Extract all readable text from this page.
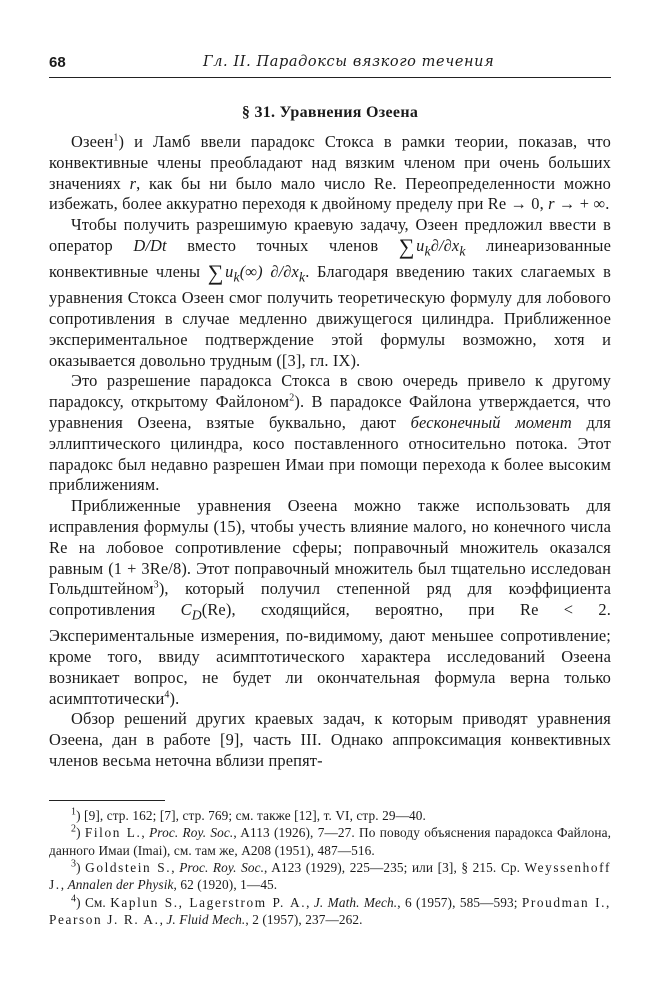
68	Гл. II. Парадоксы вязкого течения
§ 31. Уравнения Озеена

Озеен$^1$) и Ламб ввели парадокс Стокса в рамки теории, показав, что конвективные члены преобладают над вязким членом при очень больших значениях r, как бы ни было мало число Re. Переопределенности можно избежать, более аккуратно переходя к двойному пределу при Re → 0, r → + ∞.

Чтобы получить разрешимую краевую задачу, Озеен предложил ввести в оператор D/Dt вместо точных членов ∑ $u_k\partial/\partial x_k$ линеаризованные конвективные члены ∑ $u_k(\infty)$ $\partial/\partial x_k$. Благодаря введению таких слагаемых в уравнения Стокса Озеен смог получить теоретическую формулу для лобового сопротивления в случае медленно движущегося цилиндра. Приближенное экспериментальное подтверждение этой формулы возможно, хотя и оказывается довольно трудным ([3], гл. IX).

Это разрешение парадокса Стокса в свою очередь привело к другому парадоксу, открытому Файлоном$^2$). В парадоксе Файлона утверждается, что уравнения Озеена, взятые буквально, дают бесконечный момент для эллиптического цилиндра, косо поставленного относительно потока. Этот парадокс был недавно разрешен Имаи при помощи перехода к более высоким приближениям.

Приближенные уравнения Озеена можно также использовать для исправления формулы (15), чтобы учесть влияние малого, но конечного числа Re на лобовое сопротивление сферы; поправочный множитель оказался равным (1 + 3Re/8). Этот поправочный множитель был тщательно исследован Гольдштейном$^3$), который получил степенной ряд для коэффициента сопротивления $C_D(Re)$, сходящийся, вероятно, при Re < 2. Экспериментальные измерения, по-видимому, дают меньшее сопротивление; кроме того, ввиду асимптотического характера исследований Озеена возникает вопрос, не будет ли окончательная формула верна только асимптотически$^4$).

Обзор решений других краевых задач, к которым приводят уравнения Озеена, дан в работе [9], часть III. Однако аппроксимация конвективных членов весьма неточна вблизи препят-

$^1$) [9], стр. 162; [7], стр. 769; см. также [12], т. VI, стр. 29—40.

$^2$) Filon L., Proc. Roy. Soc., A113 (1926), 7—27. По поводу объяснения парадокса Файлона, данного Имаи (Imai), см. там же, A208 (1951), 487—516.

$^3$) Goldstein S., Proc. Roy. Soc., A123 (1929), 225—235; или [3], § 215. Ср. Weyssenhoff J., Annalen der Physik, 62 (1920), 1—45.

$^4$) См. Kaplun S., Lagerstrom P. A., J. Math. Mech., 6 (1957), 585—593; Proudman I., Pearson J. R. A., J. Fluid Mech., 2 (1957), 237—262.
